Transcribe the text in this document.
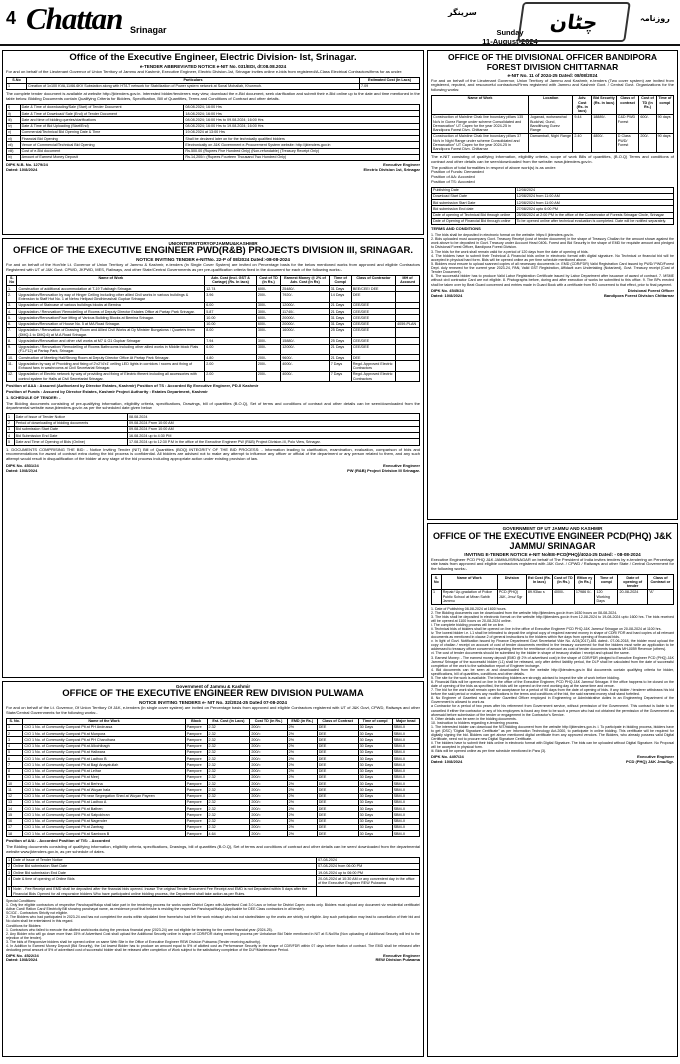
4 Chattan Srinagar	Sunday
11-August-2024
سرینگر	چٹان	روزنامہ
Office of the Executive Engineer, Electric Division- Ist, Srinagar.
e-TENDER ABBREVIATED NOTICE e-NIT No. 031/EDI, dt:08.08.2024

For and on behalf of the Lieutenant Governor of Union Territory of Jammu and Kashmir, Executive Engineer, Electric Division-1st, Srinagar invites online e-bids from registered/A-Class Electrical Contractors/firms for as under:

S.No	Particulars	Estimated Cost (In Lacs)
1	Creation of 1x100 KVA,11/66.6KV Substation along with HT/LT network for Stabilization of Power system network at Sonal Mohallah, Khunmoh.	7.09

The complete tender document is available at website http://jktenders.gov.in. Interested bidder/tenderers may view, download the e-Bid document, seek clarification and submit their e-Bid online up to the date and time mentioned in the table below. Bidding Documents contain Qualifying Criteria for Bidders, Specification, Bill of Quantities, Terms and Conditions of Contract and other details.

i)	Date & Time of downloading/Sale (Start) of Tender Document	08.08.2024; 16:00 Hrs
ii)	Date & Time of Download/ Sale (End) of Tender Document	18.08.2024; 16:00 Hrs
iii)	Date and time of bidding queries/clarifications	08.08.2024; 16:00 Hrs to 09.08.2024; 16:00 Hrs
iv)	Date & Time of Bid Uploading (Start/End)	08.08.2024; 16:00 Hrs to 19.08.2024; 16:00 Hrs
v)	Commercial/Technical Bid Opening Date & Time	19.08.2024 at 13:00 Hrs
vi)	Financial Bid Opening	Shall be declared later on for the technically qualified bidders
vii)	Venue of Commercial/Technical Bid Opening	Electronically on J&K Government e-Procurement System website: http://jktenders.gov.in
viii)	Cost of e-Bid document	Rs.500.00 (Rupees Five Hundred Only) (Non-refundable) (Treasury Receipt Only)
ix)	Amount of Earnest Money Deposit	Rs.14,200/= (Rupees Fourteen Thousand Two Hundred Only)
DIPK N.B. No. 1279/24
Dated: 10/8/2024
Executive Engineer
Electric Division 1st, Srinagar
UNIONTERRITORYOFJAMMU&KASHMIR
OFFICE OF THE EXECUTIVE ENGINEER PWD(R&B) PROJECTS DIVISION III, SRINAGAR.
NOTICE INVITING TENDER e-NITNo. 22-P of 08/2024 Dated:-08-08-2024

For and on behalf of the Hon'ble Lt. Governor of Union Territory of Jammu & Kashmir, e-tenders (in Single Cover System) are invited on Percentage basis for the below mentioned works from approved and eligible Contractors Registered with UT of J&K Govt. CPWD, JKPWD, MES, Railways, and other State/Central Governments as per pre-qualification criteria fixed in the document for each of the following works:-

S. No	Name of Work	Adv. Cost (Incl. GST & Cartage) (Rs. In lacs)	Cost of TD (In Rs.)	Earnest Money @ 2% of Adv. Cost (In Rs)	Time of Compl	Class of Contractor	MH of Account
1.	Construction of additional accommodation at T-19 Tulsibagh Srinagar.	12.74	600/-	25480/-	31 Days	BEE/CEE/ DEE	
2.	Upgradation/Renovation by way of Hinger Ceiling including other allied Civil works in various buildings & Extension to Staff Hut No. 1 at Nehru Helipad Gindhimashali Gupkar Srinagar	3.96	200/-	7920/-	14 Days	DEE	
3.	Upgradation of Staircase of various buildings blocks at Bemina	6.00	300/-	12000/-	21 Days	CEE/DEE	
4.	Upgradation / Renovation/ Remodelling of Rooms of Deputy Director Estates Office at Partap Park Srinagar.	5.87	300/-	11740/-	21 Days	CEE/DEE	
5.	Upgradation/Renovation/Face lifting of Various Building Blocks at Bemina Srinagar.	10.00	600/-	20000/-	31 Days	CEE/DEE	
6.	Upgradation/Renovation of House No. 5 at MA Road Srinagar.	10.00	600/-	20000/-	31 Days	CEE/DEE	4059-PLAN
7.	Upgradation / Renovation of Drawing Room and Allied Civil Works at Dy Minister Bungalows / Quarters from (DMQ-1 to DMQ-6) at M.A Road Srinagar.	8.00	300/-	16000/-	25 Days	CEE/DEE	
8.	Upgradation/Renovation and other civil works at M7 & G1 Gupkar Srinagar	7.94	300/-	15880/-	25 Days	CEE/DEE	
9.	Upgradation / Renovation/ Remodelling of Rooms Bathrooms including other allied works in Middle block Flats (F1-F12) at Partap Park, Srinagar.	6.00	300/-	12000/-	21 Days	CEE/DEE	
10.	Construction of Meeting Hall/Strong Room at Deputy Director Office At Partap Park Srinagar.	4.80	200/-	9600/-	21 Days	DEE	
11.	Upgradation by way of Providing and fixing of 2'x2'/4'x1' ceiling LED lights in corridors / rooms and fixing of Exhaust fans in washrooms at Civil Secretariat Srinagar.	2.00	200/-	4000/-	7 Days	Regd. Approved Electric Contractors	
12.	Upgradation of Electric network by way of providing and fixing of Electric fitment including all accessories with control system for Halls at Civil Secretariat Srinagar.	2.00	200/-	4000/-	7 Days	Regd. Approved Electric Contractors	

Position of AAA : Assured (Authorized by Director Estates, Kashmir) Position of TS : Accorded By Executive Engineer, PD-II Kashmir

Position of Funds : Assured by Director Estates, Kashmir Project Authority : Estates Department, Kashmir

1. SCHEDULE OF TENDER: -

The Bidding documents consisting of pre-qualifying information, eligibility criteria, specifications, Drawings, bill of quantities (B.O.Q), Set of terms and conditions of contract and other details can be seen/downloaded from the departmental website www.jktenders.gov.in as per the scheduled date given below

1	Date of Issue of Tender Notice	08.08.2024
2	Period of downloading of bidding documents	09.08.2024 From 10:00 AM
3	Bid submission Start Date	09.08.2024 From 10:00 AM
4	Bid Submission End Date	16.08.2024 up to 4:30 PM
5	Date and Time of Opening of Bids (Online)	17.08.2024 up to 12:30 P.M in the office of the Executive Engineer PW (R&B) Project Division-III, Polo View, Srinagar.

1. DOCUMENTS COMPRISING THE BID: - Notice Inviting Tender (NIT) Bill of Quantities (BOQ) INTEGRITY OF THE BID PROCESS: - Information leading to clarification, examination, evaluation, comparison of bids and recommendations for award of contract extra during the bid process is confidential. All bidders are advised not to make any attempt to influence any officer or official of the department or any person related to them, and any such attempt would result in disqualification of the bidder at any stage of the bid process including appropriate action under existing provision of law.

DIPK No. 4531/24
Dated: 10/8/2024
Executive Engineer
PW (R&B) Project Division III Srinagar.
Government of Jammu & Kashmir
OFFICE OF THE EXECUTIVE ENGINEER REW DIVISION PULWAMA
NOTICE INVITING TENDERS e- NIT No. 32/2024-25 Dated 07-08-2024

For and on behalf of the Lt. Governor, Of Union Territory Of J&K, e-tenders (in single cover system) are invited on Percentage basis from approved and eligible Contractors registered with UT of J&K Govt, CPWD, Railways and other State/Central Governments for the following works:-

S. No.	Name of the Work	Block	Est. Cost (in Lacs)	Cost TD (in Rs.)	EMD (in Rs.)	Class of Contract	Time of compl	Major head
1	C/O 1 No. of Community Compost Pit at PH Andrussa	Pampore	2.32	200/=	2%	DEE	30 Days	SBM-II
2	C/O 1 No. of Community Compost Pit at Munpora	Pampore	2.32	200/=	2%	DEE	30 Days	SBM-II
3	C/O 1 No. of Community Compost Pit at PH Chandhara	Pampore	2.32	200/=	2%	DEE	30 Days	SBM-II
4	C/O 1 No. of Community Compost Pit at Allochibagh	Pampore	2.32	200/=	2%	DEE	30 Days	SBM-II
5	C/O 1 No. of Community Compost Pit at Hallwara	Pampore	2.32	200/=	2%	DEE	30 Days	SBM-II
6	C/O 1 No. of Community Compost Pit at Ladhoo B	Pampore	2.32	200/=	2%	DEE	30 Days	SBM-II
7	C/O 1 No. of Community Compost Pit at Bagi Anayatullah	Pampore	2.32	200/=	2%	DEE	30 Days	SBM-II
8	C/O 1 No. of Community Compost Pit at Lelhar	Pampore	2.32	200/=	2%	DEE	30 Days	SBM-II
9	C/O 1 No. of Community Compost Pit at Meej	Pampore	2.32	200/=	2%	DEE	30 Days	SBM-II
10	C/O 1 No. of Community Compost Pit at Berhna	Pampore	2.32	200/=	2%	DEE	30 Days	SBM-II
11	C/O 1 No. of Community Compost Pit at Wuyan bala	Pampore	2.32	200/=	2%	DEE	30 Days	SBM-II
12	C/O 1 No. of Community Compost Pit near Segregation Shed at Wuyan Payeen	Pampore	2.32	200/=	2%	DEE	30 Days	SBM-II
13	C/O 1 No. of Community Compost Pit at Ladhoo A	Pampore	2.32	200/=	2%	DEE	30 Days	SBM-II
14	C/O 1 No. of Community Compost Pit at Bathen	Pampore	2.32	200/=	2%	DEE	30 Days	SBM-II
15	C/O 1 No. of Community Compost Pit at Satpokhran	Pampore	2.32	200/=	2%	DEE	30 Days	SBM-II
16	C/O 1 No. of Community Compost Pit at Nagender	Pampore	2.32	200/=	2%	DEE	30 Days	SBM-II
17	C/O 1 No. of Community Compost Pit at Zantrag	Pampore	2.32	200/=	2%	DEE	30 Days	SBM-II
18	C/O 1 No. of Community Compost Pit at Sambora B	Pampore	4.64	200/=	2%	DEE	30 Days	SBM-II

Position of A/A: - Accorded Position of T/S: - Accorded

The Bidding documents consisting of qualifying information, eligibility criteria, specifications, Drawings, bill of quantities (B.O.Q), Set of terms and conditions of contract and other details can be seen/ downloaded from the departmental website www.jktenders.gov.in, as per schedule of dates.

1	Date of Issue of Tender Notice	07-08-2024
2	Online Bid submission Start Date	07-08-2024 from 06:00 PM
3	Online Bid submission End Date	19-08-2024 up to 06:00 PM
4	Date & time of opening of Online Bids	20-08-2024 at 10:30 AM or any convenient day in the office of the Executive Engineer REW Pulwama
5	Note: - Fee Receipt and EMD shall be deposited after the financial bids opened. Incase The original Tender Document Fee Receipt and EMD is not Deposited within 5 days after the Financial Bids Opened for all responsive bidders Who have participated online bidding process, the Department shall take action as per Rules.	

Special Conditions:
1. Only the eligible contractors of respective Panchayat/Halqa shall take part in the tendering process for works under District Capex with Advertised Cost 3.0 Lacs or below for District Capex works only. Bidders must upload any document viz residential certificate/ Adhar Card/ Ration Card/ Electricity Bill showing panchayat name, as residence proof that he/she is residing the respective Panchayat/Halqa (Applicable for DEE Class contractors in all tender).
SC/OZ - Contractors Strictly not eligible.
2. The Bidders who had participated in 2023-24 and has not completed the works within stipulated time frame/who had left the work midway/ who had not started/taken up the works are strictly not eligible. Any such participation may lead to cancellation of their bid and No claim shall be entertained in this regard.
Conditions for Bidders:
1. Contractors who failed to execute the allotted work/works during the previous financial year (2023-24) are not eligible for tendering for the current financial year (2024-25).
2. Any Bidder who will go down more than 15% of Advertised Cost shall upload the Additional Security online in shape of CDR/FDR during tendering process per Unbalance Bid Table mentioned in NIT at S.No09a (Non uploading of Additional Security will led to the rejection of the tender).
3. The bids of Responsive bidders shall be opened online on same Web Site in the Office of Executive Engineer REW Division Pulwama (Tender receiving authority).
4. In Addition to Earnest Money Deposit (Bid Security), the 1st lowest Bidder has to produce an amount equal to 5% of allotted cost as Performance Security in the shape of CDR/FDR within 07 days before fixation of contract. The EMD shall be released after deducting penal amount of 5% of advertised cost of successful bidder shall be released after completion of Work subject to the satisfactory completion of the DLP/Maintenance Period.

DIPK No. 4522/24
Dated: 10/8/2024
Executive Engineer
REW Division Pulwama
OFFICE OF THE DIVISIONAL OFFICER BANDIPORA FOREST DIVISION CHITTARNAR
e-NIT No. 11 of 2024-25 Dated: 08/08/2024

For and on behalf of the Lieutenant Governor, Union Territory of Jammu and Kashmir, e-tenders (Two cover system) are invited from registered, reputed, and resourceful contractors/Firms registered with Jammu and Kashmir Govt. / Central Govt. Organizations for the following works:

Name of Work	Location	Adv. Cost (Rs. in lacs)	Bid Security (Rs. in lacs)	Class of contract	Cost of TD (in Rs.)	Time of compl
Construction of Mainline Chak line boundary pillars 135 No's in Gurez Range under scheme Consolidated and Demarcation" UT Capex for the year 2024-25 in Bandipora Forest Divn. Chittarnar	Juganad, wohwanchal Budchal, Gund, Bandithung Gurez Range	9.44	18889/-	C&D PWD Forest	600/-	90 days
Construction of Mainline Chak line boundary pillars 37 No's in Nighi Range under scheme Consolidated and Demarcation" UT Capex for the year 2024-25 in Bandipora Forest Divn. Chittarnar	Damamball, Nighi Range	2.40	4800/-	D Class PWD/ Forest	200/-	90 days

The e-NIT consisting of qualifying information, eligibility criteria, scope of work Bills of quantities, (B.O.Q) Terms and conditions of contract and other details can be seen/downloaded from the website: www.jktenders.gov.in.

The position of total formalities in respect of above work(s) is as under:
Position of Funds: Demanded
Position of AA: Accorded
Position of TS: Accorded

Publishing Date	12/08/2024
Download Start Date	12/08/2024 from 11:00 AM
Bid submission Start Date	12/08/2024 from 11:00 AM
Bid submission End date	27/08/2024 upto 6:00 PM
Date of opening of Technical Bid through online	28/08/2024 at 2:00 PM in the office of the Conservator of Forests Srinagar Circle, Srinagar
Date of Opening of Financial Bid through online	To be opened online after technical evaluation is completed. Date will be notified separately.

TERMS AND CONDITIONS

1. The bids shall be deposited in electronic format on the website: https:// jktenders.gov.in.
2. Bids uploaded must accompany Govt. Treasury Receipt (cost of tender document) in the shape of Treasury Challan for the amount shown against the work above to be deposited in Govt. Treasury under Account Head 0406- Forest and Bid Security in the shape of EMD for requisite amount and pledged to Divisional Forest Officer, Bandipora Forest Division.
3. The bids for the work shall remain valid for a period of 120 days from the date of opening of bids.
4. The bidders have to submit their Technical & Financial bids online in electronic format with digital signature. No Technical or financial bid will be accepted in physical hard form. Bids will be opened online as per time schedule mentioned above.
5. Bidders must ensure to upload scanned copies of all necessary documents i.e. EMD (CDR/FDR) Valid Registration Card issued by PWD/ PWD/Forest Dept. duly renewed for the current year 2023-24, PAN, Valid GST Registration, Affidavit cum Undertaking (Notarized), Govt. Treasury receipt (Cost of Tender Document).
6. The successful bidder has to produce Valid Labor Registration Certificate issued by Labor Department after issuance of award of contract. 7. MSME without civil contractor Card are not eligible. 8. Photographs before, during and after execution of works be submitted to this office. 9. The BPs erected shall be taken over by Beat Guard concerned and entries made in Guard Book with a certificate from RO concerned to that effect, prior to final payment.

DIPK No. 4545/24
Dated: 10/8/2024
Divisional Forest Officer
Bandipora Forest Division Chittarnar
GOVERNMENT OF UT JAMMU AND KASHMIR
OFFICE OF THE EXECUTIVE ENGINEER PCD(PHQ) J&K JAMMU/ SRINAGAR
INVITING E-TENDER NOTICE e-NIT No/EE-PCD(PHQ)/4024-25 Dated: - 08-08-2024

Executive Engineer PCD PHQ J&K JAMMU/SRINAGAR on behalf of The President of India invites tenders by e-tendering on Percentage rate basis from approved and eligible contractors registered with J&K Govt. / CPWD / Railways and other State / Central Government for the following works:-

S. No	Name of Work	Division	Est Cost (Rs. In lacs)	Cost of TD (In Rs.)	EMon ey (In Rs.)	Time of compl	Date of opening of tender	Class of Contract or
1	Repair/ Up-gradation of Police Public School at Miran Sahib Jammu	PCD (PHQ) J&K, Jmu/ Sgr	89.93lac s	4000/-	17986 0/-	120 Working Days	20-08-2024	"A"

1. Date of Publishing 08-08-2024 at 1600 hours.
2. The Bidding documents can be downloaded from the website http://jktenders.gov.in from 1630 hours on 08-08-2024.
3. The bids shall be deposited in electronic format on the website http://jktenders.gov.in from 12-08-2024 to 19-08-2024 upto 1600 hrs. The bids received will be opened at 1100 hours on 20-08-2024 online.
i. The complete bidding process will be on line.
ii. Technical bids of bidders shall be opened on line in the office of Executive Engineer PCD PHQ J&K Jammu/ Srinagar on 20-08-2024 at 1100 hrs.
iv. The lowest bidder i.e. L1 shall be intimated to deposit the original copy of required earnest money in shape of CDR/ FDR and hard copies of all relevant documents as mentioned in clause 2 of general instructions to the bidders within five days from opening of financial bids.
v. In light of Govt. Notification issued by Finance Department Govt Secretariat Vide No. A/24(2017)-651 dated:- 07-06-2018, the bidder must upload the copy of challan / receipt on account of cost of tender documents remitted in the treasury concerned for that the bidders must write an application to be addressed to treasury officer concerned requesting therein for remittance of amount as cost of tender documents towards MH-0059 Revenue (others).
vi. The cost of tender documents should be submitted by the bidder in shape of treasury challan / receipt and upload the same.
3. Earnest Money: - The earnest money deposit (EMD @ 2% of advertised cost) in the shape of CDR/FDR pledged to Executive Engineer PCD (PHQ) J&K Jammu/ Srinagar of the successful bidder (L1) shall be released, only after defect liability period, the DLP shall be calculated from the date of successful completion of the work to the satisfaction report of Engineer incharge.
4. Bid documents can be seen at and downloaded from the website http://jktenders.gov.in Bid documents contain qualifying criteria for bidder, specifications, bill of quantities, conditions and other details.
5. The site for the work is available. The intending bidders are strongly advised to inspect the site of work before bidding.
6. Financial Bids will be opened on line in the office of the Executive Engineer, PCD PHQ J&K Jammu/ Srinagar. If the office happens to be closed on the date of opening of the bids as specified, the bids will be opened on the next working day at the same time and venue.
7. The bid for the work shall remain open for acceptance for a period of 90 days from the date of opening of bids. If any bidder / tenderer withdraws his bid before the said period or makes any modifications in the terms and conditions of the bid, the said earnest money shall stand forfeited.
8. No Engineer of Gazetted rank or other Gazetted Officer employed in Engineering or Administrative duties in an Engineering Department of the Government is allowed to work as
a Contractor for a period of two years after his retirement from Government service, without permission of the Government. This contract is liable to be cancelled if either the contractor or any of his employees is found any time to be such a person who had not obtained the permission of the Government as aforesaid before submission of the tender or engagement in the Contractor's Service.
9. Other details can be seen in the bidding documents.
10. Instruction to bidders regarding e-tendering process.
1. The interested bidder can download the NIT/bidding document from the website http://jktenders.gov.in. i. To participate in bidding process, bidders have to get (DSC) "Digital Signature Certificate" as per Information Technology Act-2000, to participate in online bidding. This certificate will be required for digitally signing the bid. Bidders can get above mentioned digital certificate from any approved vendors. The Bidders, who already possess valid Digital Certificate, need not to procure new Digital Signature Certificate.
ii. The bidders have to submit their bids online in electronic format with Digital Signature. The bids can be uploaded without Digital Signature. No Proposal will be accepted in physical form.
iii. Bids will be opened online as per time schedule mentioned in Para (3).

DIPK No. 4497/24
Dated: 10/8/2024
Executive Engineer
PCD (PHQ) J&K Jmu/Sgr.
